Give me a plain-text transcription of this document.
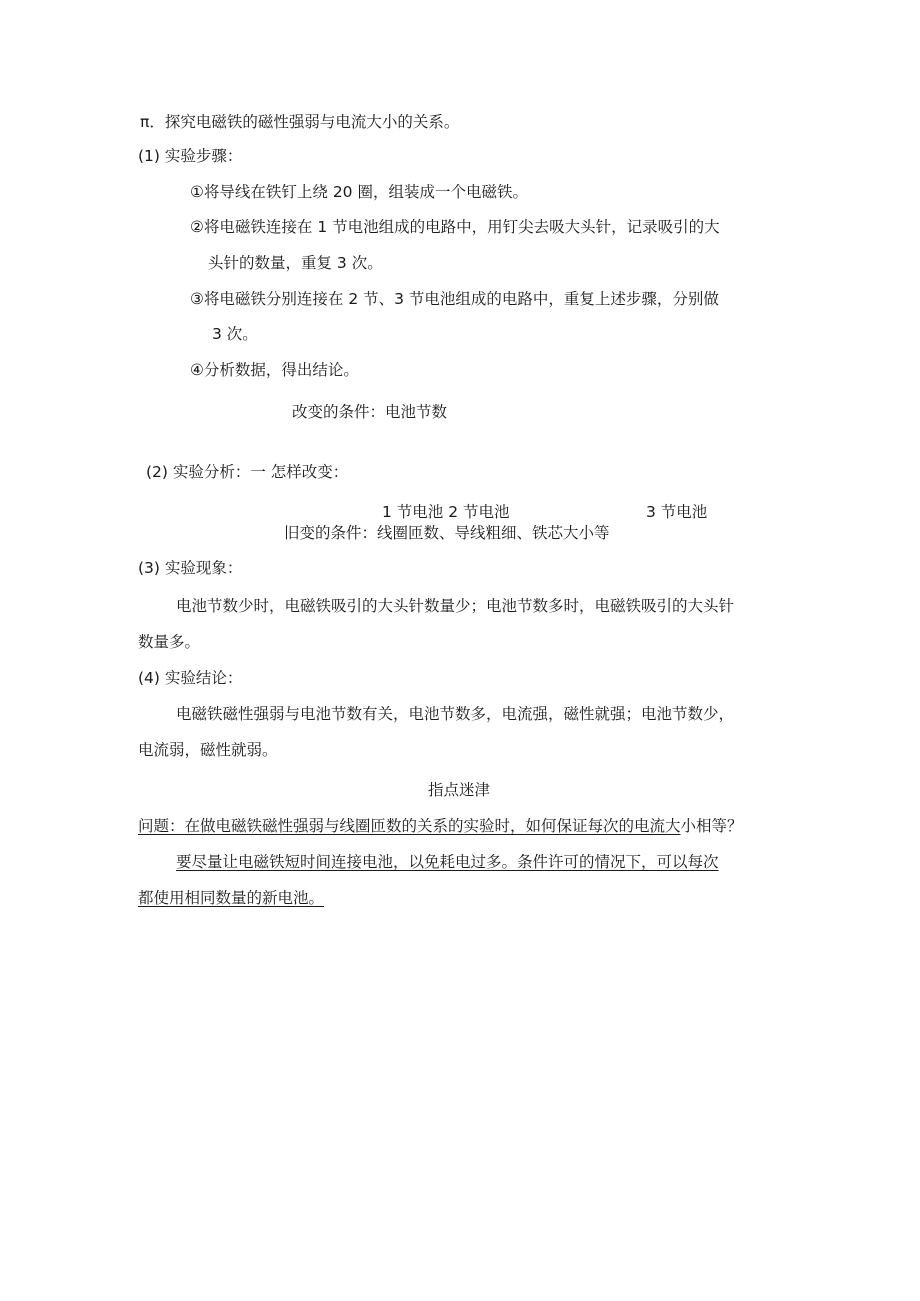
π．探究电磁铁的磁性强弱与电流大小的关系。
(1) 实验步骤：
①将导线在铁钉上绕 20 圈，组装成一个电磁铁。
②将电磁铁连接在 1 节电池组成的电路中，用钉尖去吸大头针，记录吸引的大
头针的数量，重复 3 次。
③将电磁铁分别连接在 2 节、3 节电池组成的电路中，重复上述步骤，分别做
3 次。
④分析数据，得出结论。
改变的条件：电池节数
(2) 实验分析：一 怎样改变：
1 节电池 2 节电池	3 节电池
旧变的条件：线圈匝数、导线粗细、铁芯大小等
(3) 实验现象：
电池节数少时，电磁铁吸引的大头针数量少；电池节数多时，电磁铁吸引的大头针
数量多。
(4) 实验结论：
电磁铁磁性强弱与电池节数有关，电池节数多，电流强，磁性就强；电池节数少，
电流弱，磁性就弱。
指点迷津
问题：在做电磁铁磁性强弱与线圈匝数的关系的实验时，如何保证每次的电流大小相等？
要尽量让电磁铁短时间连接电池，以免耗电过多。条件许可的情况下，可以每次
都使用相同数量的新电池。
